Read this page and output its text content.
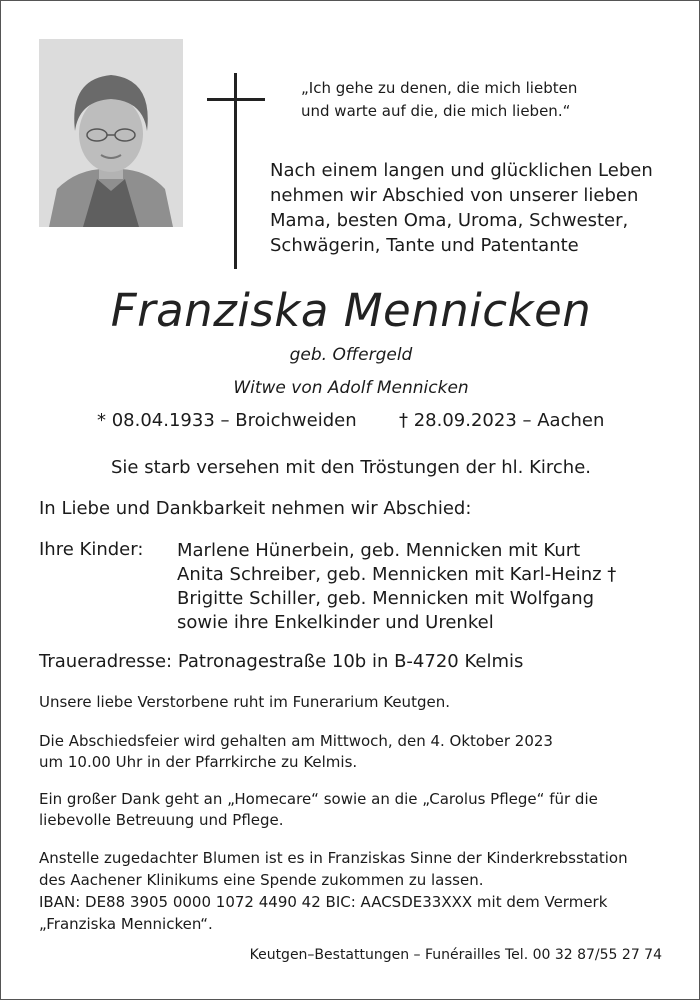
„Ich gehe zu denen, die mich liebten
und warte auf die, die mich lieben.“
Nach einem langen und glücklichen Leben
nehmen wir Abschied von unserer lieben
Mama, besten Oma, Uroma, Schwester,
Schwägerin, Tante und Patentante
Franziska Mennicken
geb. Offergeld
Witwe von Adolf Mennicken
* 08.04.1933 – Broichweiden † 28.09.2023 – Aachen
Sie starb versehen mit den Tröstungen der hl. Kirche.
In Liebe und Dankbarkeit nehmen wir Abschied:
Ihre Kinder: Marlene Hünerbein, geb. Mennicken mit Kurt
Anita Schreiber, geb. Mennicken mit Karl-Heinz †
Brigitte Schiller, geb. Mennicken mit Wolfgang
sowie ihre Enkelkinder und Urenkel
Traueradresse: Patronagestraße 10b in B-4720 Kelmis
Unsere liebe Verstorbene ruht im Funerarium Keutgen.
Die Abschiedsfeier wird gehalten am Mittwoch, den 4. Oktober 2023
um 10.00 Uhr in der Pfarrkirche zu Kelmis.
Ein großer Dank geht an „Homecare“ sowie an die „Carolus Pflege“ für die
liebevolle Betreuung und Pflege.
Anstelle zugedachter Blumen ist es in Franziskas Sinne der Kinderkrebsstation
des Aachener Klinikums eine Spende zukommen zu lassen.
IBAN: DE88 3905 0000 1072 4490 42 BIC: AACSDE33XXX mit dem Vermerk
„Franziska Mennicken“.
Keutgen–Bestattungen – Funérailles Tel. 00 32 87/55 27 74
